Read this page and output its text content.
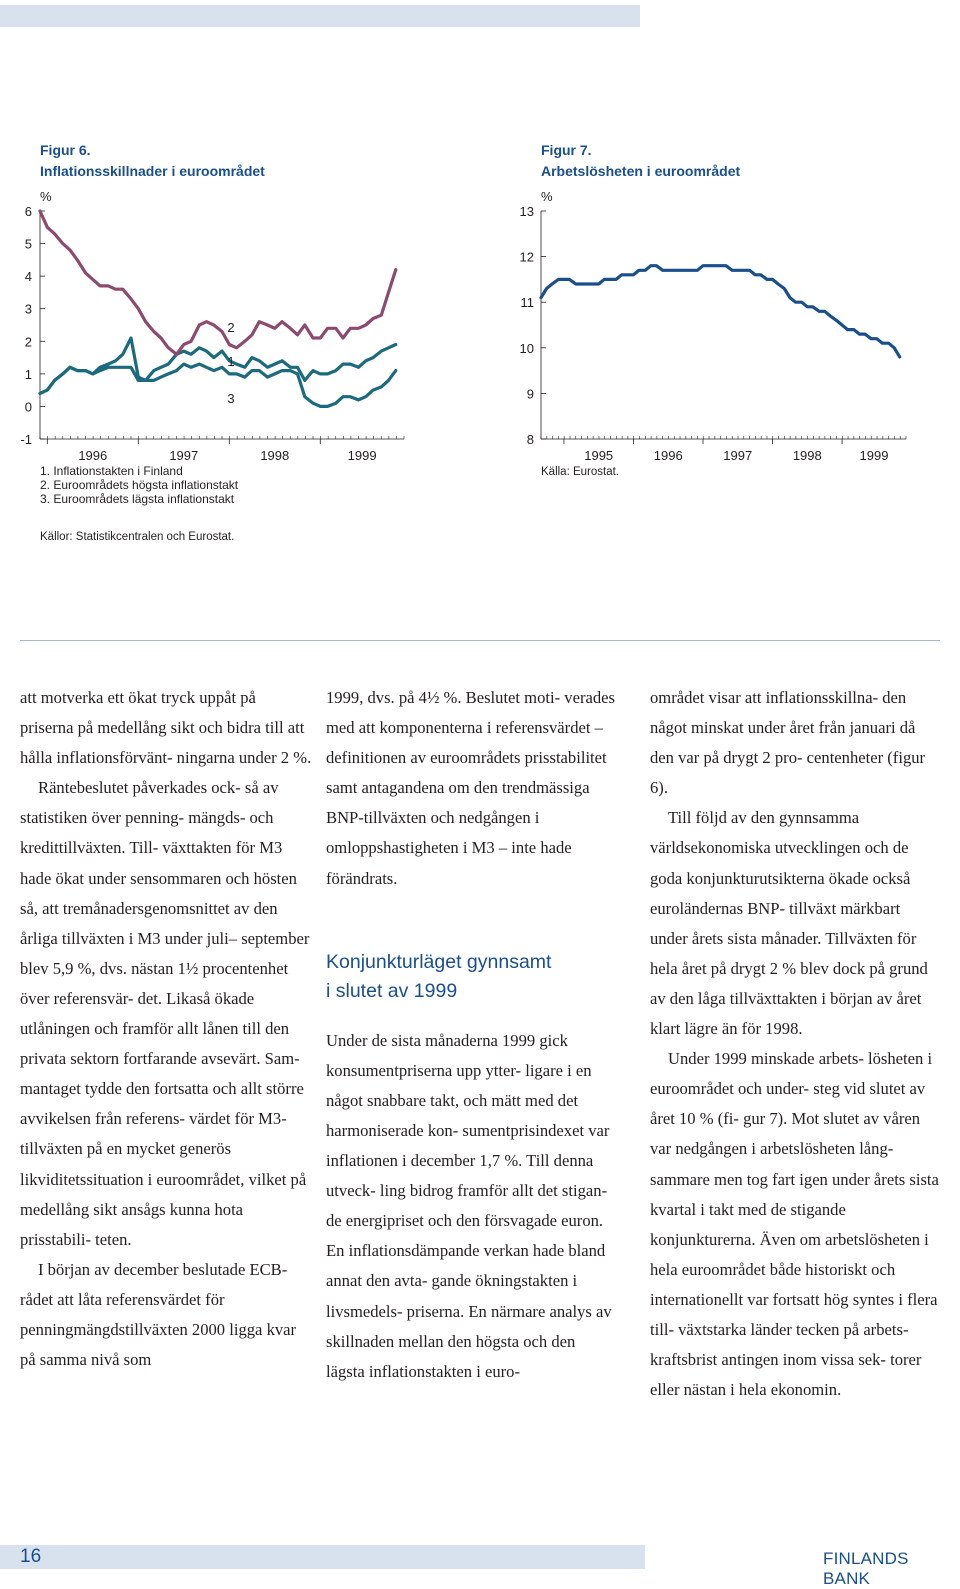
Figur 6.
Inflationsskillnader i euroområdet
%
Figur 7.
Arbetslösheten i euroområdet
%
6
5
4
3
2
1
0
-1
1996	1997	1998	1999
13
12
11
10
9
8
1995	1996	1997	1998	1999
1
2
3
1. Inflationstakten i Finland
2. Euroområdets högsta inflationstakt
3. Euroområdets lägsta inflationstakt
Källor: Statistikcentralen och Eurostat.
Källa: Eurostat.

att motverka ett ökat tryck uppåt på priserna på medellång sikt och bidra till att hålla inflationsförvänt- ningarna under 2 %.

Räntebeslutet påverkades ock- så av statistiken över penning- mängds- och kredittillväxten. Till- växttakten för M3 hade ökat under sensommaren och hösten så, att tremånadersgenomsnittet av den årliga tillväxten i M3 under juli– september blev 5,9 %, dvs. nästan 1½ procentenhet över referensvär- det. Likaså ökade utlåningen och framför allt lånen till den privata sektorn fortfarande avsevärt. Sam- mantaget tydde den fortsatta och allt större avvikelsen från referens- värdet för M3-tillväxten på en mycket generös likviditetssituation i euroområdet, vilket på medellång sikt ansågs kunna hota prisstabili- teten.

I början av december beslutade ECB-rådet att låta referensvärdet för penningmängdstillväxten 2000 ligga kvar på samma nivå som

1999, dvs. på 4½ %. Beslutet moti- verades med att komponenterna i referensvärdet – definitionen av euroområdets prisstabilitet samt antagandena om den trendmässiga BNP-tillväxten och nedgången i omloppshastigheten i M3 – inte hade förändrats.

Konjunkturläget gynnsamt

i slutet av 1999

Under de sista månaderna 1999 gick konsumentpriserna upp ytter- ligare i en något snabbare takt, och mätt med det harmoniserade kon- sumentprisindexet var inflationen i december 1,7 %. Till denna utveck- ling bidrog framför allt det stigan- de energipriset och den försvagade euron. En inflationsdämpande verkan hade bland annat den avta- gande ökningstakten i livsmedels- priserna. En närmare analys av skillnaden mellan den högsta och den lägsta inflationstakten i euro-

området visar att inflationsskillna- den något minskat under året från januari då den var på drygt 2 pro- centenheter (figur 6).

Till följd av den gynnsamma världsekonomiska utvecklingen och de goda konjunkturutsikterna ökade också euroländernas BNP- tillväxt märkbart under årets sista månader. Tillväxten för hela året på drygt 2 % blev dock på grund av den låga tillväxttakten i början av året klart lägre än för 1998.

Under 1999 minskade arbets- lösheten i euroområdet och under- steg vid slutet av året 10 % (fi- gur 7). Mot slutet av våren var nedgången i arbetslösheten lång- sammare men tog fart igen under årets sista kvartal i takt med de stigande konjunkturerna. Även om arbetslösheten i hela euroområdet både historiskt och internationellt var fortsatt hög syntes i flera till- växtstarka länder tecken på arbets- kraftsbrist antingen inom vissa sek- torer eller nästan i hela ekonomin.

16	FINLANDS BANK
